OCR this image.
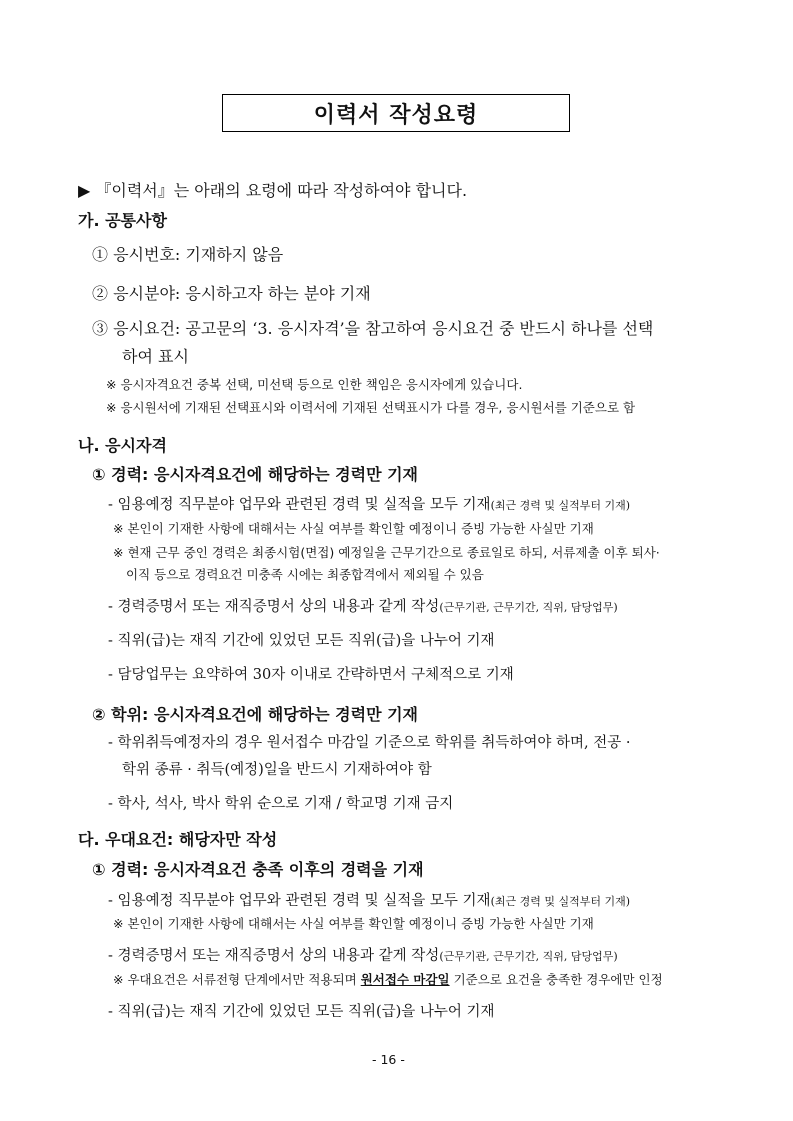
이력서 작성요령
▶ 『이력서』는 아래의 요령에 따라 작성하여야 합니다.
가. 공통사항
① 응시번호: 기재하지 않음
② 응시분야: 응시하고자 하는 분야 기재
③ 응시요건: 공고문의 ‘3. 응시자격’을 참고하여 응시요건 중 반드시 하나를 선택
하여 표시
※ 응시자격요건 중복 선택, 미선택 등으로 인한 책임은 응시자에게 있습니다.
※ 응시원서에 기재된 선택표시와 이력서에 기재된 선택표시가 다를 경우, 응시원서를 기준으로 함
나. 응시자격
① 경력: 응시자격요건에 해당하는 경력만 기재
- 임용예정 직무분야 업무와 관련된 경력 및 실적을 모두 기재(최근 경력 및 실적부터 기재)
※ 본인이 기재한 사항에 대해서는 사실 여부를 확인할 예정이니 증빙 가능한 사실만 기재
※ 현재 근무 중인 경력은 최종시험(면접) 예정일을 근무기간으로 종료일로 하되, 서류제출 이후 퇴사·
이직 등으로 경력요건 미충족 시에는 최종합격에서 제외될 수 있음
- 경력증명서 또는 재직증명서 상의 내용과 같게 작성(근무기관, 근무기간, 직위, 담당업무)
- 직위(급)는 재직 기간에 있었던 모든 직위(급)을 나누어 기재
- 담당업무는 요약하여 30자 이내로 간략하면서 구체적으로 기재
② 학위: 응시자격요건에 해당하는 경력만 기재
- 학위취득예정자의 경우 원서접수 마감일 기준으로 학위를 취득하여야 하며, 전공 ·
학위 종류 · 취득(예정)일을 반드시 기재하여야 함
- 학사, 석사, 박사 학위 순으로 기재 / 학교명 기재 금지
다. 우대요건: 해당자만 작성
① 경력: 응시자격요건 충족 이후의 경력을 기재
- 임용예정 직무분야 업무와 관련된 경력 및 실적을 모두 기재(최근 경력 및 실적부터 기재)
※ 본인이 기재한 사항에 대해서는 사실 여부를 확인할 예정이니 증빙 가능한 사실만 기재
- 경력증명서 또는 재직증명서 상의 내용과 같게 작성(근무기관, 근무기간, 직위, 담당업무)
※ 우대요건은 서류전형 단계에서만 적용되며 원서접수 마감일 기준으로 요건을 충족한 경우에만 인정
- 직위(급)는 재직 기간에 있었던 모든 직위(급)을 나누어 기재
- 16 -
